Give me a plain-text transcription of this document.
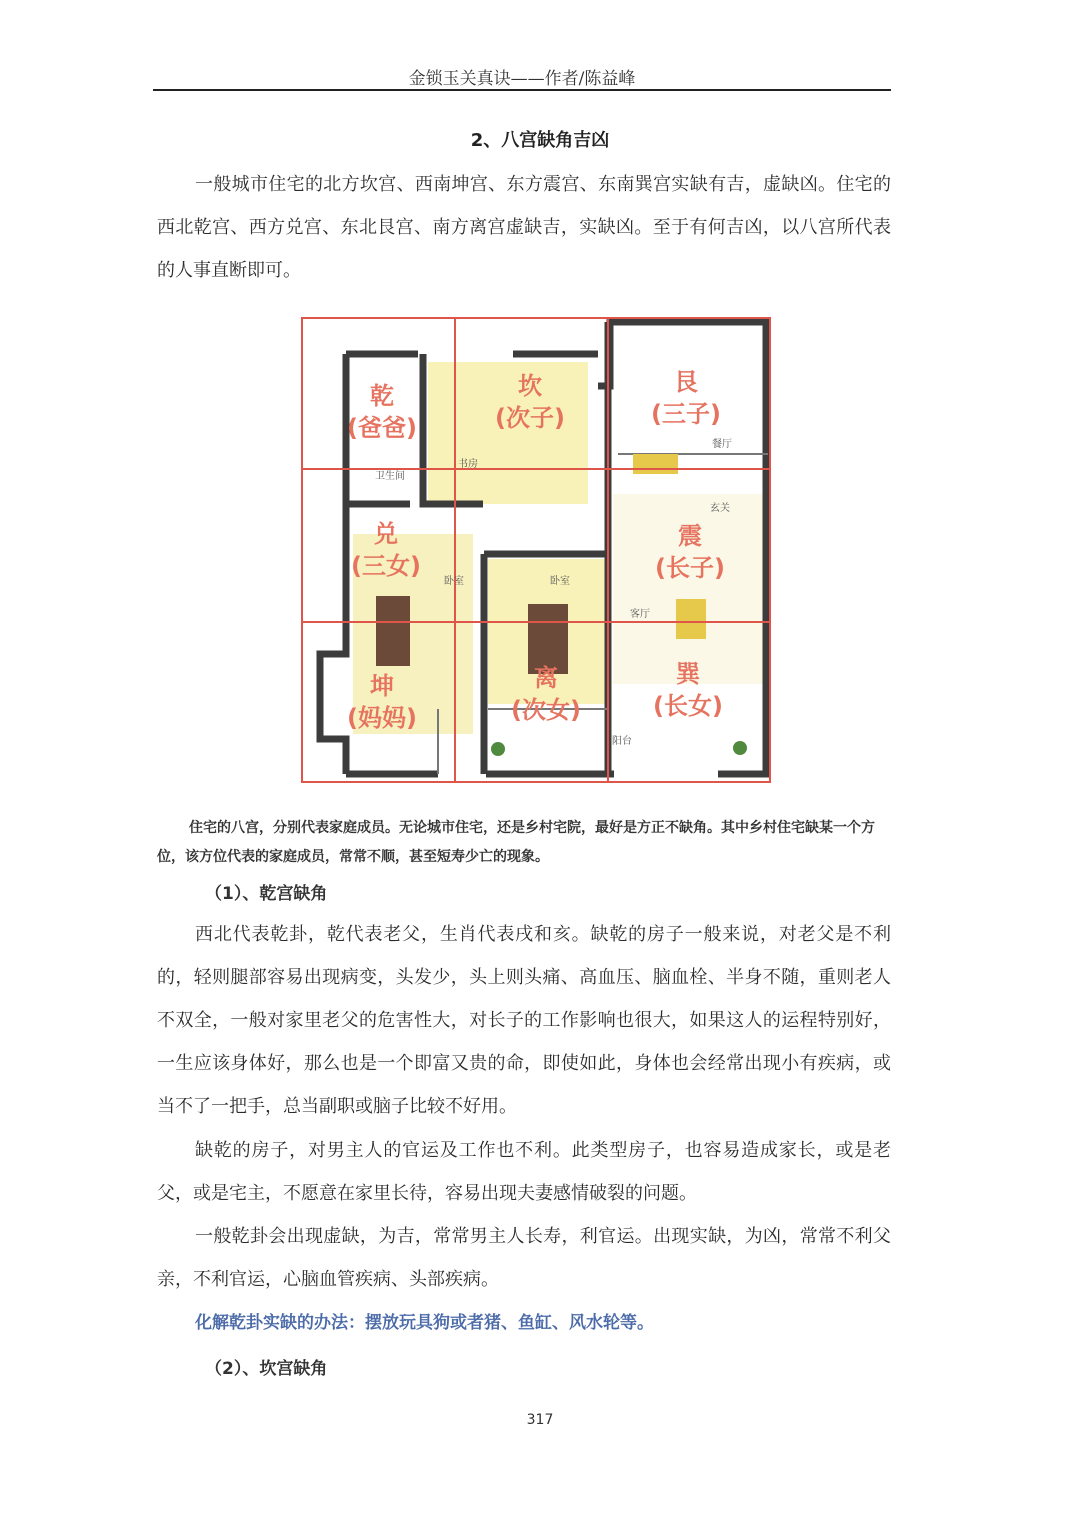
金锁玉关真诀——作者/陈益峰
2、八宫缺角吉凶

一般城市住宅的北方坎宫、西南坤宫、东方震宫、东南巽宫实缺有吉，虚缺凶。住宅的西北乾宫、西方兑宫、东北艮宫、南方离宫虚缺吉，实缺凶。至于有何吉凶，以八宫所代表的人事直断即可。

乾
(爸爸)
坎
(次子)
艮
(三子)
兑
(三女)
震
(长子)
坤
(妈妈)
离
(次女)
巽
(长女)
卫生间
书房
餐厅
玄关
卧室	卧室
客厅
阳台

住宅的八宫，分别代表家庭成员。无论城市住宅，还是乡村宅院，最好是方正不缺角。其中乡村住宅缺某一个方位，该方位代表的家庭成员，常常不顺，甚至短寿少亡的现象。

（1）、乾宫缺角

西北代表乾卦，乾代表老父，生肖代表戌和亥。缺乾的房子一般来说，对老父是不利的，轻则腿部容易出现病变，头发少，头上则头痛、高血压、脑血栓、半身不随，重则老人不双全，一般对家里老父的危害性大，对长子的工作影响也很大，如果这人的运程特别好，一生应该身体好，那么也是一个即富又贵的命，即使如此，身体也会经常出现小有疾病，或当不了一把手，总当副职或脑子比较不好用。

缺乾的房子，对男主人的官运及工作也不利。此类型房子，也容易造成家长，或是老父，或是宅主，不愿意在家里长待，容易出现夫妻感情破裂的问题。

一般乾卦会出现虚缺，为吉，常常男主人长寿，利官运。出现实缺，为凶，常常不利父亲，不利官运，心脑血管疾病、头部疾病。

化解乾卦实缺的办法：摆放玩具狗或者猪、鱼缸、风水轮等。
（2）、坎宫缺角
317
